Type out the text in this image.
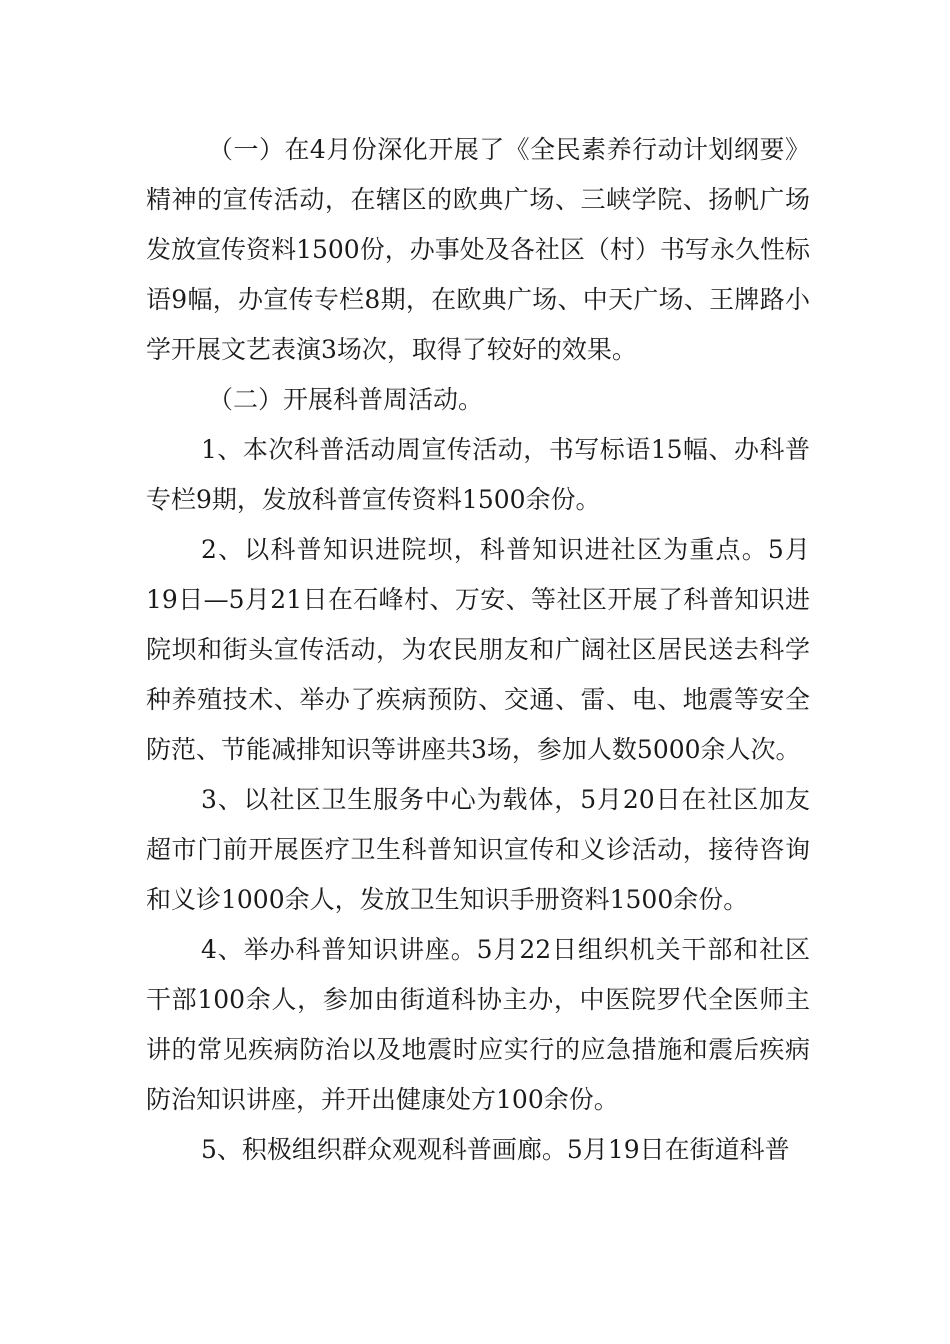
（一）在4月份深化开展了《全民素养行动计划纲要》精神的宣传活动，在辖区的欧典广场、三峡学院、扬帆广场发放宣传资料1500份，办事处及各社区（村）书写永久性标语9幅，办宣传专栏8期，在欧典广场、中天广场、王牌路小学开展文艺表演3场次，取得了较好的效果。

（二）开展科普周活动。

1、本次科普活动周宣传活动，书写标语15幅、办科普专栏9期，发放科普宣传资料1500余份。

2、以科普知识进院坝，科普知识进社区为重点。5月19日—5月21日在石峰村、万安、等社区开展了科普知识进院坝和街头宣传活动，为农民朋友和广阔社区居民送去科学种养殖技术、举办了疾病预防、交通、雷、电、地震等安全防范、节能减排知识等讲座共3场，参加人数5000余人次。

3、以社区卫生服务中心为载体，5月20日在社区加友超市门前开展医疗卫生科普知识宣传和义诊活动，接待咨询和义诊1000余人，发放卫生知识手册资料1500余份。

4、举办科普知识讲座。5月22日组织机关干部和社区干部100余人，参加由街道科协主办，中医院罗代全医师主讲的常见疾病防治以及地震时应实行的应急措施和震后疾病防治知识讲座，并开出健康处方100余份。

5、积极组织群众观观科普画廊。5月19日在街道科普
